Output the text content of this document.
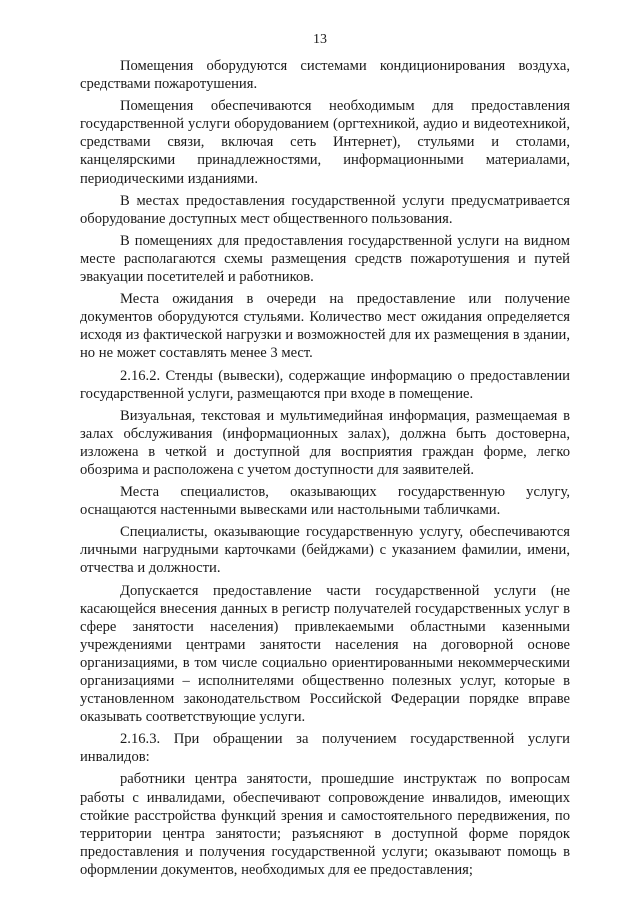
13

Помещения оборудуются системами кондиционирования воздуха, средствами пожаротушения.

Помещения обеспечиваются необходимым для предоставления государственной услуги оборудованием (оргтехникой, аудио и видеотехникой, средствами связи, включая сеть Интернет), стульями и столами, канцелярскими принадлежностями, информационными материалами, периодическими изданиями.

В местах предоставления государственной услуги предусматривается оборудование доступных мест общественного пользования.

В помещениях для предоставления государственной услуги на видном месте располагаются схемы размещения средств пожаротушения и путей эвакуации посетителей и работников.

Места ожидания в очереди на предоставление или получение документов оборудуются стульями. Количество мест ожидания определяется исходя из фактической нагрузки и возможностей для их размещения в здании, но не может составлять менее 3 мест.

2.16.2. Стенды (вывески), содержащие информацию о предоставлении государственной услуги, размещаются при входе в помещение.

Визуальная, текстовая и мультимедийная информация, размещаемая в залах обслуживания (информационных залах), должна быть достоверна, изложена в четкой и доступной для восприятия граждан форме, легко обозрима и расположена с учетом доступности для заявителей.

Места специалистов, оказывающих государственную услугу, оснащаются настенными вывесками или настольными табличками.

Специалисты, оказывающие государственную услугу, обеспечиваются личными нагрудными карточками (бейджами) с указанием фамилии, имени, отчества и должности.

Допускается предоставление части государственной услуги (не касающейся внесения данных в регистр получателей государственных услуг в сфере занятости населения) привлекаемыми областными казенными учреждениями центрами занятости населения на договорной основе организациями, в том числе социально ориентированными некоммерческими организациями – исполнителями общественно полезных услуг, которые в установленном законодательством Российской Федерации порядке вправе оказывать соответствующие услуги.

2.16.3. При обращении за получением государственной услуги инвалидов:

работники центра занятости, прошедшие инструктаж по вопросам работы с инвалидами, обеспечивают сопровождение инвалидов, имеющих стойкие расстройства функций зрения и самостоятельного передвижения, по территории центра занятости; разъясняют в доступной форме порядок предоставления и получения государственной услуги; оказывают помощь в оформлении документов, необходимых для ее предоставления;
